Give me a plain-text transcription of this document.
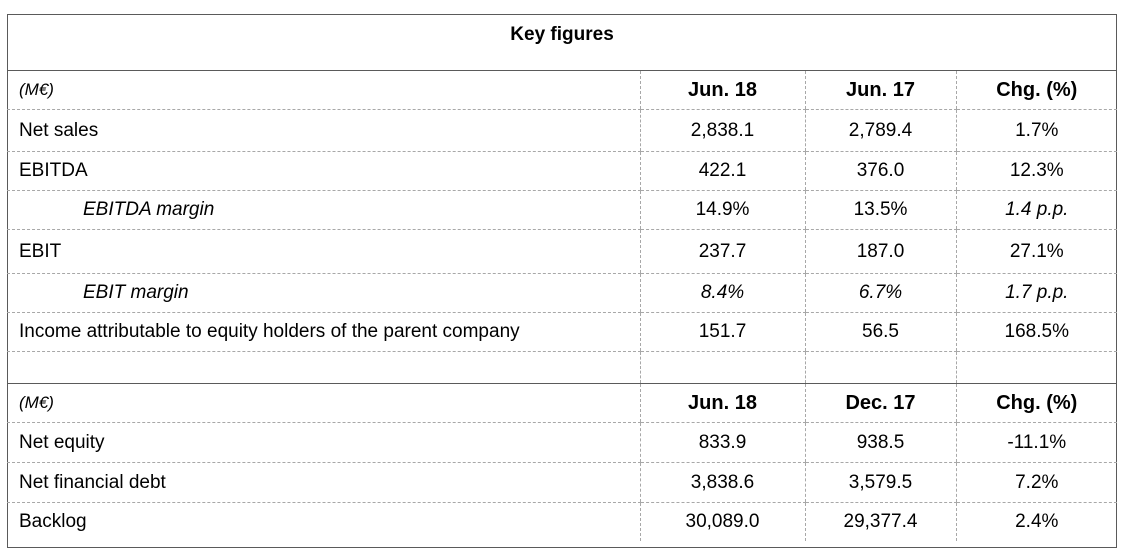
Key figures			
(M€)	Jun. 18	Jun. 17	Chg. (%)
Net sales	2,838.1	2,789.4	1.7%
EBITDA	422.1	376.0	12.3%
EBITDA margin	14.9%	13.5%	1.4 p.p.
EBIT	237.7	187.0	27.1%
EBIT margin	8.4%	6.7%	1.7 p.p.
Income attributable to equity holders of the parent company	151.7	56.5	168.5%

(M€)	Jun. 18	Dec. 17	Chg. (%)
Net equity	833.9	938.5	-11.1%
Net financial debt	3,838.6	3,579.5	7.2%
Backlog	30,089.0	29,377.4	2.4%
